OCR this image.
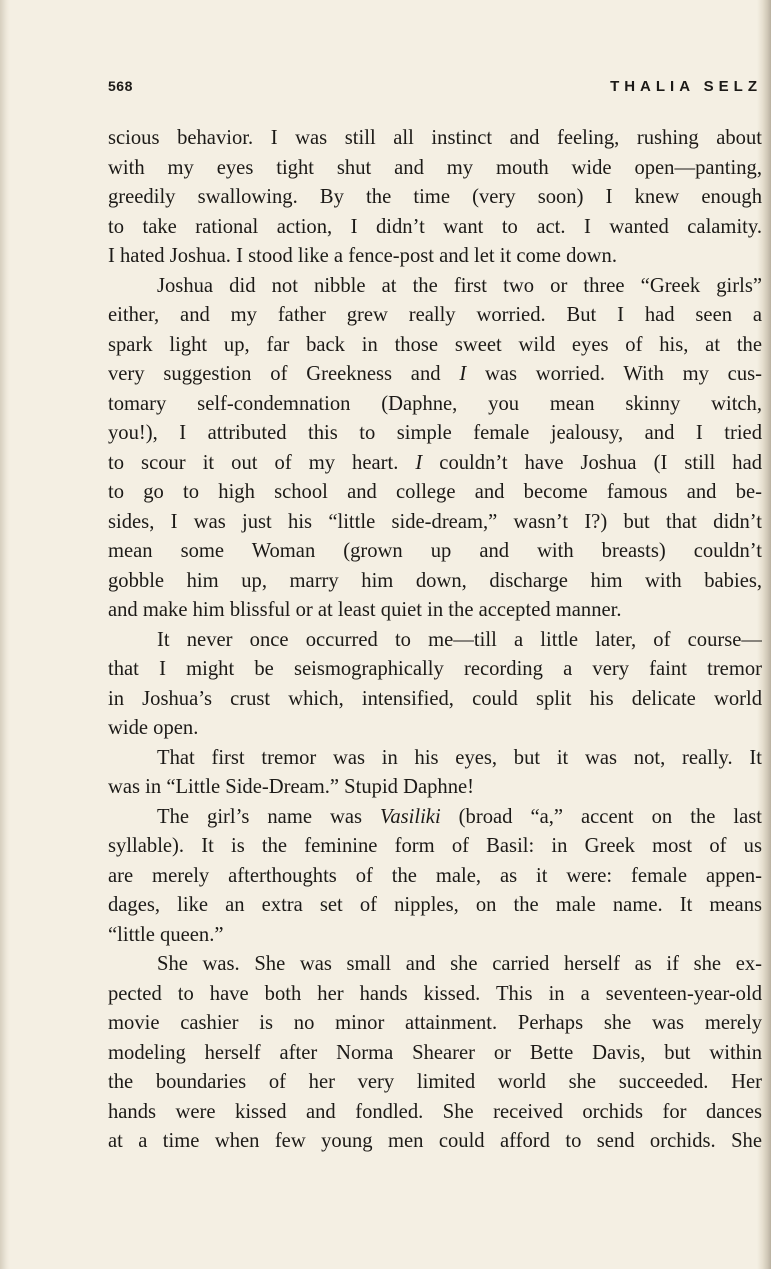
568	THALIA SELZ
scious behavior. I was still all instinct and feeling, rushing about
with my eyes tight shut and my mouth wide open—panting,
greedily swallowing. By the time (very soon) I knew enough
to take rational action, I didn’t want to act. I wanted calamity.
I hated Joshua. I stood like a fence-post and let it come down.
Joshua did not nibble at the first two or three “Greek girls”
either, and my father grew really worried. But I had seen a
spark light up, far back in those sweet wild eyes of his, at the
very suggestion of Greekness and I was worried. With my cus-
tomary self-condemnation (Daphne, you mean skinny witch,
you!), I attributed this to simple female jealousy, and I tried
to scour it out of my heart. I couldn’t have Joshua (I still had
to go to high school and college and become famous and be-
sides, I was just his “little side-dream,” wasn’t I?) but that didn’t
mean some Woman (grown up and with breasts) couldn’t
gobble him up, marry him down, discharge him with babies,
and make him blissful or at least quiet in the accepted manner.
It never once occurred to me—till a little later, of course—
that I might be seismographically recording a very faint tremor
in Joshua’s crust which, intensified, could split his delicate world
wide open.
That first tremor was in his eyes, but it was not, really. It
was in “Little Side-Dream.” Stupid Daphne!
The girl’s name was Vasiliki (broad “a,” accent on the last
syllable). It is the feminine form of Basil: in Greek most of us
are merely afterthoughts of the male, as it were: female appen-
dages, like an extra set of nipples, on the male name. It means
“little queen.”
She was. She was small and she carried herself as if she ex-
pected to have both her hands kissed. This in a seventeen-year-old
movie cashier is no minor attainment. Perhaps she was merely
modeling herself after Norma Shearer or Bette Davis, but within
the boundaries of her very limited world she succeeded. Her
hands were kissed and fondled. She received orchids for dances
at a time when few young men could afford to send orchids. She
